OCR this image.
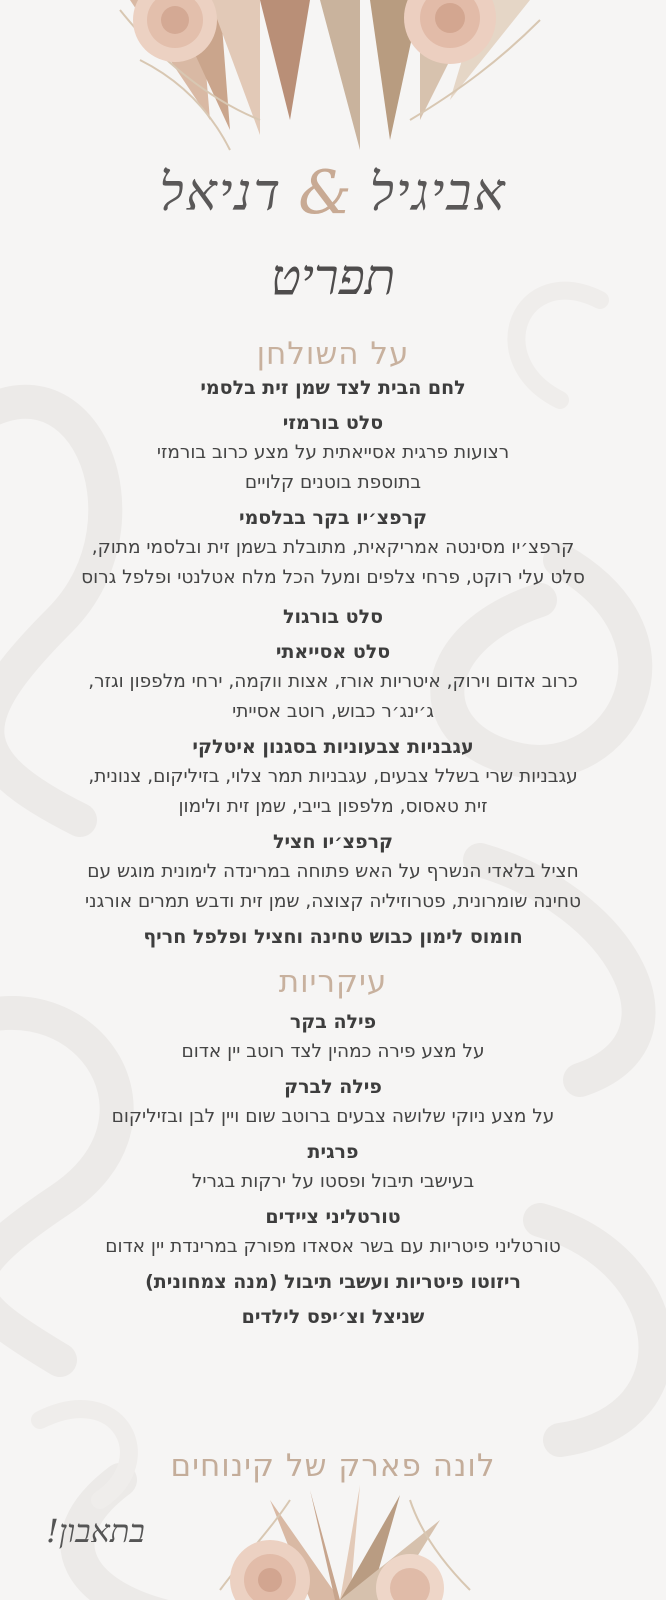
אביגיל
&
דניאל
תפריט
על השולחן
לחם הבית לצד שמן זית בלסמי
סלט בורמזי
רצועות פרגית אסייאתית על מצע כרוב בורמזי
בתוספת בוטנים קלויים
קרפצ׳יו בקר בבלסמי
קרפצ׳יו מסינטה אמריקאית, מתובלת בשמן זית ובלסמי מתוק,
סלט עלי רוקט, פרחי צלפים ומעל הכל מלח אטלנטי ופלפל גרוס
סלט בורגול
סלט אסייאתי
כרוב אדום וירוק, איטריות אורז, אצות ווקמה, ירחי מלפפון וגזר,
ג׳ינג׳ר כבוש, רוטב אסייתי
עגבניות צבעוניות בסגנון איטלקי
עגבניות שרי בשלל צבעים, עגבניות תמר צלוי, בזיליקום, צנונית,
זית טאסוס, מלפפון בייבי, שמן זית ולימון
קרפצ׳יו חציל
חציל בלאדי הנשרף על האש פתוחה במרינדה לימונית מוגש עם
טחינה שומרונית, פטרוזיליה קצוצה, שמן זית ודבש תמרים אורגני
חומוס לימון כבוש טחינה וחציל ופלפל חריף
עיקריות
פילה בקר
על מצע פירה כמהין לצד רוטב יין אדום
פילה לברק
על מצע ניוקי שלושה צבעים ברוטב שום ויין לבן ובזיליקום
פרגית
בעישבי תיבול ופסטו על ירקות בגריל
טורטליני ציידים
טורטליני פיטריות עם בשר אסאדו מפורק במרינדת יין אדום
ריזוטו פיטריות ועשבי תיבול (מנה צמחונית)
שניצל וצ׳יפס לילדים
לונה פארק של קינוחים
בתאבון!
